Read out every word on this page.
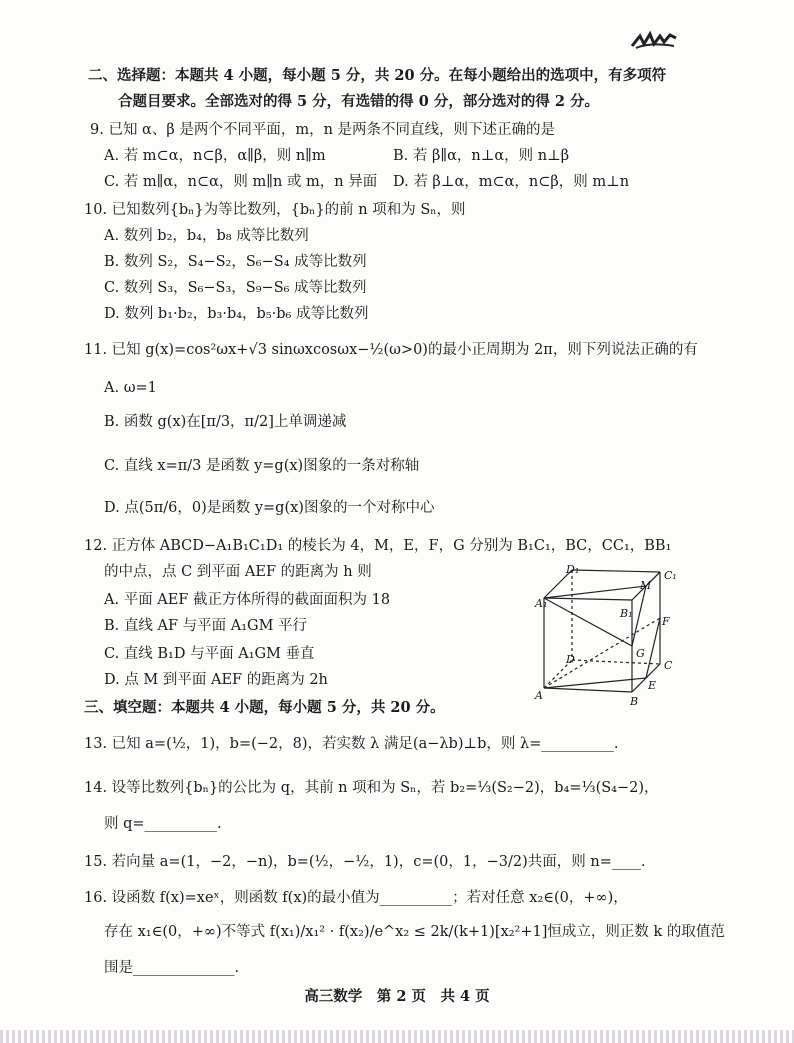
二、选择题：本题共 4 小题，每小题 5 分，共 20 分。在每小题给出的选项中，有多项符
合题目要求。全部选对的得 5 分，有选错的得 0 分，部分选对的得 2 分。
9. 已知 α、β 是两个不同平面，m，n 是两条不同直线，则下述正确的是
A. 若 m⊂α，n⊂β，α∥β，则 n∥m	B. 若 β∥α，n⊥α，则 n⊥β
C. 若 m∥α，n⊂α，则 m∥n 或 m，n 异面 D. 若 β⊥α，m⊂α，n⊂β，则 m⊥n
10. 已知数列{bₙ}为等比数列，{bₙ}的前 n 项和为 Sₙ，则
A. 数列 b₂，b₄，b₈ 成等比数列
B. 数列 S₂，S₄−S₂，S₆−S₄ 成等比数列
C. 数列 S₃，S₆−S₃，S₉−S₆ 成等比数列
D. 数列 b₁·b₂，b₃·b₄，b₅·b₆ 成等比数列
11. 已知 g(x)=cos²ωx+√3 sinωxcosωx−½(ω>0)的最小正周期为 2π，则下列说法正确的有
A. ω=1
B. 函数 g(x)在[π/3，π/2]上单调递减
C. 直线 x=π/3 是函数 y=g(x)图象的一条对称轴
D. 点(5π/6，0)是函数 y=g(x)图象的一个对称中心
12. 正方体 ABCD−A₁B₁C₁D₁ 的棱长为 4，M，E，F，G 分别为 B₁C₁，BC，CC₁，BB₁
的中点，点 C 到平面 AEF 的距离为 h 则
A. 平面 AEF 截正方体所得的截面面积为 18
B. 直线 AF 与平面 A₁GM 平行
C. 直线 B₁D 与平面 A₁GM 垂直
D. 点 M 到平面 AEF 的距离为 2h
D₁	C₁
A₁
B₁
M
F
G
D	C
E
A	B
三、填空题：本题共 4 小题，每小题 5 分，共 20 分。
13. 已知 a=(½，1)，b=(−2，8)，若实数 λ 满足(a−λb)⊥b，则 λ=__________.
14. 设等比数列{bₙ}的公比为 q，其前 n 项和为 Sₙ，若 b₂=⅓(S₂−2)，b₄=⅓(S₄−2)，
则 q=__________.
15. 若向量 a=(1，−2，−n)，b=(½，−½，1)，c=(0，1，−3/2)共面，则 n=____.
16. 设函数 f(x)=xeˣ，则函数 f(x)的最小值为__________；若对任意 x₂∈(0，+∞)，
存在 x₁∈(0，+∞)不等式 f(x₁)/x₁² · f(x₂)/e^x₂ ≤ 2k/(k+1)[x₂²+1]恒成立，则正数 k 的取值范
围是______________.
高三数学　第 2 页　共 4 页
